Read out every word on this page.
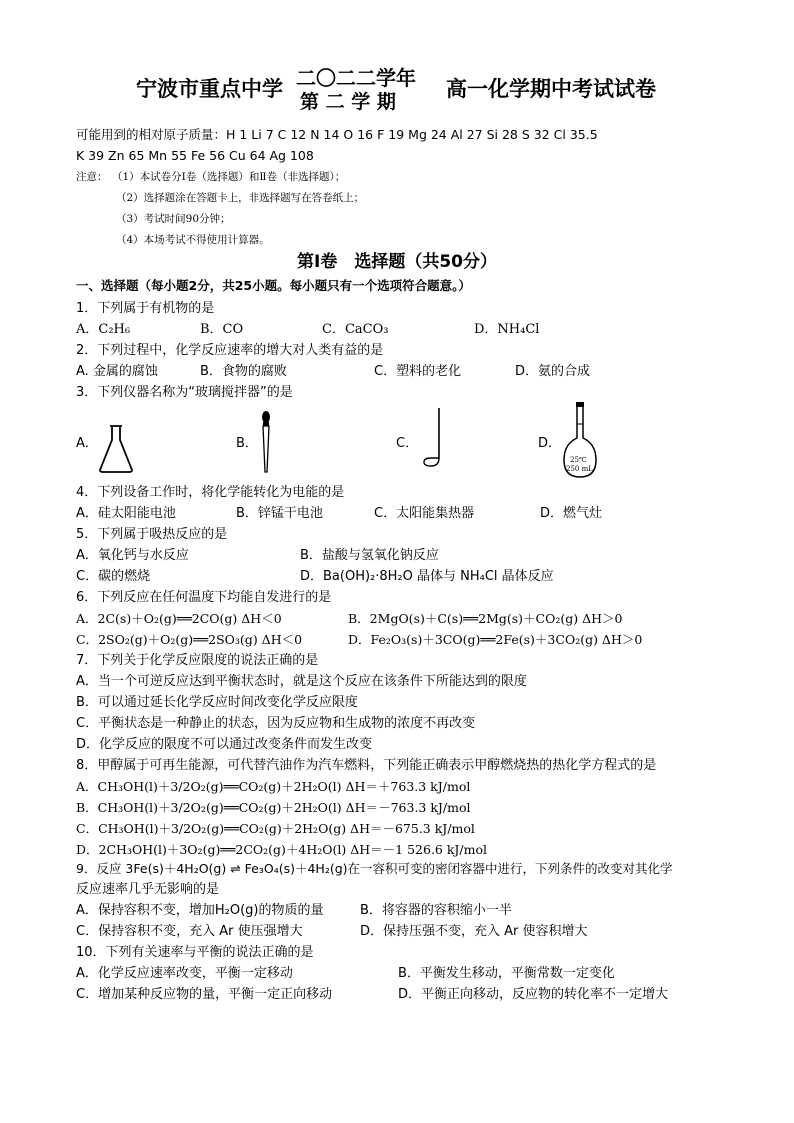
宁波市重点中学 二〇二二学年
第 二 学 期
高一化学期中考试试卷
可能用到的相对原子质量：H 1 Li 7 C 12 N 14 O 16 F 19 Mg 24 Al 27 Si 28 S 32 Cl 35.5
K 39 Zn 65 Mn 55 Fe 56 Cu 64 Ag 108
注意： （1）本试卷分Ⅰ卷（选择题）和Ⅱ卷（非选择题）；
（2）选择题涂在答题卡上，非选择题写在答卷纸上；
（3）考试时间90分钟；
（4）本场考试不得使用计算器。
第Ⅰ卷　选择题（共50分）
一、选择题（每小题2分，共25小题。每小题只有一个选项符合题意。）
1．下列属于有机物的是
A．C₂H₆	B．CO	C．CaCO₃	D．NH₄Cl
2．下列过程中，化学反应速率的增大对人类有益的是
A. 金属的腐蚀	B．食物的腐败	C．塑料的老化	D．氨的合成
3．下列仪器名称为“玻璃搅拌器”的是
A．	B．	C．	D．
25℃
250 mL
4．下列设备工作时，将化学能转化为电能的是
A．硅太阳能电池	B．锌锰干电池	C．太阳能集热器	D．燃气灶
5．下列属于吸热反应的是
A．氧化钙与水反应	B．盐酸与氢氧化钠反应
C．碳的燃烧	D．Ba(OH)₂·8H₂O 晶体与 NH₄Cl 晶体反应
6．下列反应在任何温度下均能自发进行的是
A．2C(s)＋O₂(g)══2CO(g) ΔH＜0	B．2MgO(s)＋C(s)══2Mg(s)＋CO₂(g) ΔH＞0
C．2SO₂(g)＋O₂(g)══2SO₃(g) ΔH＜0	D．Fe₂O₃(s)＋3CO(g)══2Fe(s)＋3CO₂(g) ΔH＞0
7．下列关于化学反应限度的说法正确的是
A．当一个可逆反应达到平衡状态时，就是这个反应在该条件下所能达到的限度
B．可以通过延长化学反应时间改变化学反应限度
C．平衡状态是一种静止的状态，因为反应物和生成物的浓度不再改变
D．化学反应的限度不可以通过改变条件而发生改变
8．甲醇属于可再生能源，可代替汽油作为汽车燃料，下列能正确表示甲醇燃烧热的热化学方程式的是
A．CH₃OH(l)＋3/2O₂(g)══CO₂(g)＋2H₂O(l) ΔH＝＋763.3 kJ/mol
B．CH₃OH(l)＋3/2O₂(g)══CO₂(g)＋2H₂O(l) ΔH＝－763.3 kJ/mol
C．CH₃OH(l)＋3/2O₂(g)══CO₂(g)＋2H₂O(g) ΔH＝－675.3 kJ/mol
D．2CH₃OH(l)＋3O₂(g)══2CO₂(g)＋4H₂O(l) ΔH＝－1 526.6 kJ/mol
9．反应 3Fe(s)＋4H₂O(g) ⇌ Fe₃O₄(s)＋4H₂(g)在一容积可变的密闭容器中进行，下列条件的改变对其化学
反应速率几乎无影响的是
A．保持容积不变，增加H₂O(g)的物质的量	B．将容器的容积缩小一半
C．保持容积不变，充入 Ar 使压强增大	D．保持压强不变，充入 Ar 使容积增大
10．下列有关速率与平衡的说法正确的是
A．化学反应速率改变，平衡一定移动	B．平衡发生移动，平衡常数一定变化
C．增加某种反应物的量，平衡一定正向移动	D．平衡正向移动，反应物的转化率不一定增大
